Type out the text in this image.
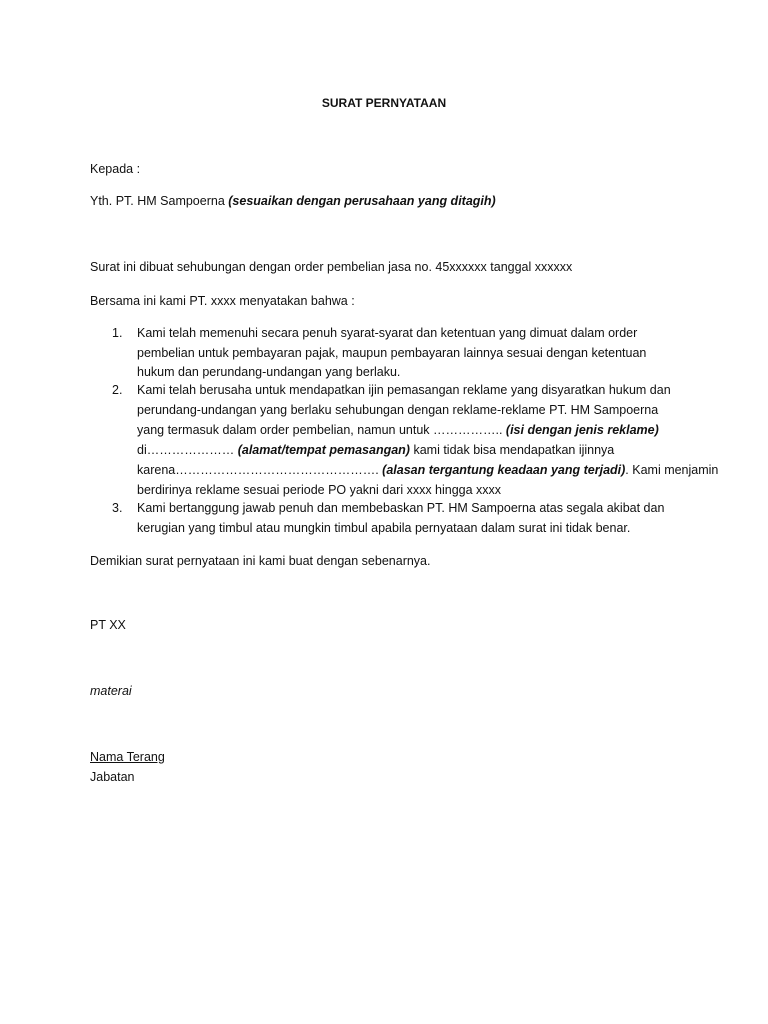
SURAT PERNYATAAN
Kepada :
Yth. PT. HM Sampoerna (sesuaikan dengan perusahaan yang ditagih)
Surat ini dibuat sehubungan dengan order pembelian jasa no. 45xxxxxx tanggal xxxxxx
Bersama ini kami PT. xxxx menyatakan bahwa :
1. Kami telah memenuhi secara penuh syarat-syarat dan ketentuan yang dimuat dalam order
pembelian untuk pembayaran pajak, maupun pembayaran lainnya sesuai dengan ketentuan
hukum dan perundang-undangan yang berlaku.
2. Kami telah berusaha untuk mendapatkan ijin pemasangan reklame yang disyaratkan hukum dan
perundang-undangan yang berlaku sehubungan dengan reklame-reklame PT. HM Sampoerna
yang termasuk dalam order pembelian, namun untuk …………….. (isi dengan jenis reklame)
di………………… (alamat/tempat pemasangan) kami tidak bisa mendapatkan ijinnya
karena…………………………………………. (alasan tergantung keadaan yang terjadi). Kami menjamin
berdirinya reklame sesuai periode PO yakni dari xxxx hingga xxxx
3. Kami bertanggung jawab penuh dan membebaskan PT. HM Sampoerna atas segala akibat dan
kerugian yang timbul atau mungkin timbul apabila pernyataan dalam surat ini tidak benar.
Demikian surat pernyataan ini kami buat dengan sebenarnya.
PT XX
materai
Nama Terang
Jabatan
